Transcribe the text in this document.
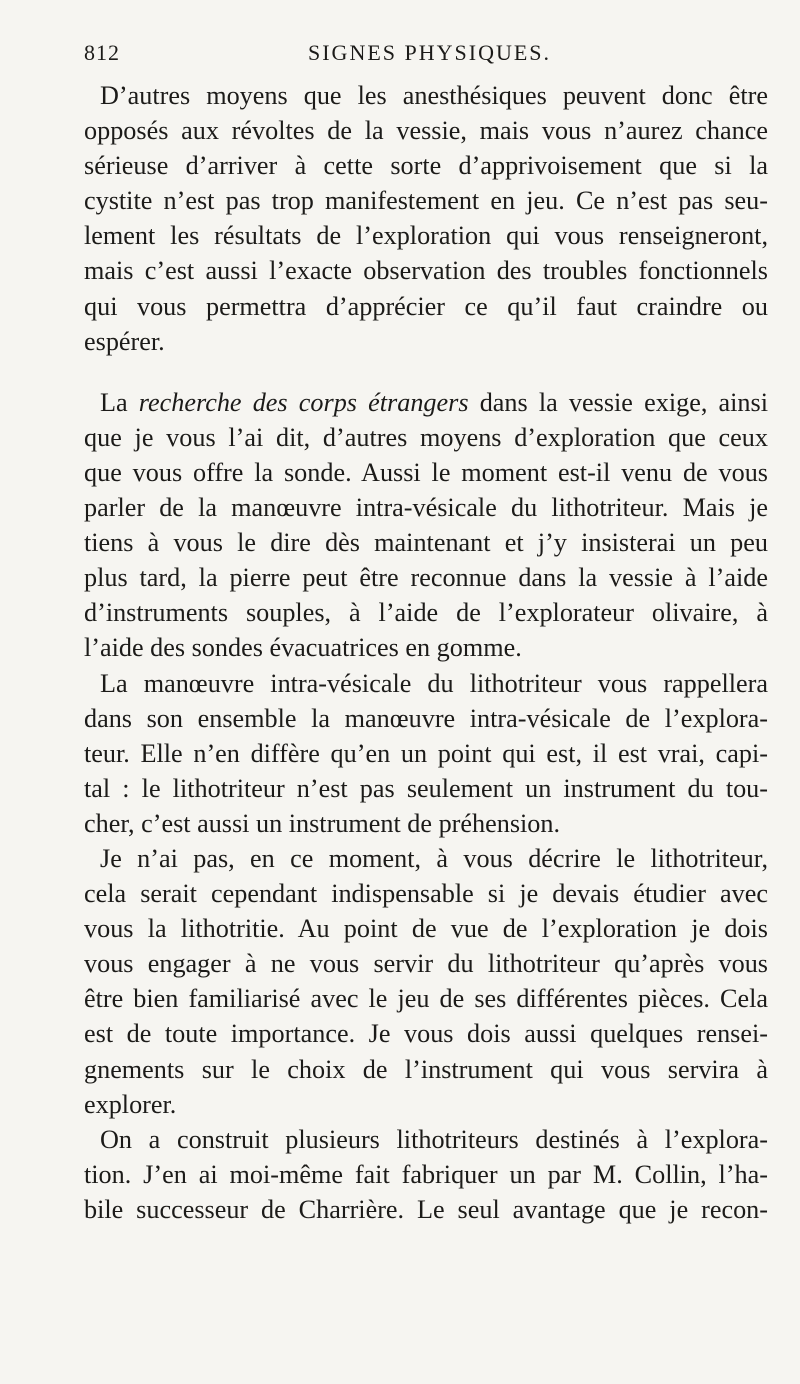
812	SIGNES PHYSIQUES.
D’autres moyens que les anesthésiques peuvent donc être
opposés aux révoltes de la vessie, mais vous n’aurez chance
sérieuse d’arriver à cette sorte d’apprivoisement que si la
cystite n’est pas trop manifestement en jeu. Ce n’est pas seu-
lement les résultats de l’exploration qui vous renseigneront,
mais c’est aussi l’exacte observation des troubles fonctionnels
qui vous permettra d’apprécier ce qu’il faut craindre ou
espérer.
La recherche des corps étrangers dans la vessie exige, ainsi
que je vous l’ai dit, d’autres moyens d’exploration que ceux
que vous offre la sonde. Aussi le moment est-il venu de vous
parler de la manœuvre intra-vésicale du lithotriteur. Mais je
tiens à vous le dire dès maintenant et j’y insisterai un peu
plus tard, la pierre peut être reconnue dans la vessie à l’aide
d’instruments souples, à l’aide de l’explorateur olivaire, à
l’aide des sondes évacuatrices en gomme.
La manœuvre intra-vésicale du lithotriteur vous rappellera
dans son ensemble la manœuvre intra-vésicale de l’explora-
teur. Elle n’en diffère qu’en un point qui est, il est vrai, capi-
tal : le lithotriteur n’est pas seulement un instrument du tou-
cher, c’est aussi un instrument de préhension.
Je n’ai pas, en ce moment, à vous décrire le lithotriteur,
cela serait cependant indispensable si je devais étudier avec
vous la lithotritie. Au point de vue de l’exploration je dois
vous engager à ne vous servir du lithotriteur qu’après vous
être bien familiarisé avec le jeu de ses différentes pièces. Cela
est de toute importance. Je vous dois aussi quelques rensei-
gnements sur le choix de l’instrument qui vous servira à
explorer.
On a construit plusieurs lithotriteurs destinés à l’explora-
tion. J’en ai moi-même fait fabriquer un par M. Collin, l’ha-
bile successeur de Charrière. Le seul avantage que je recon-
